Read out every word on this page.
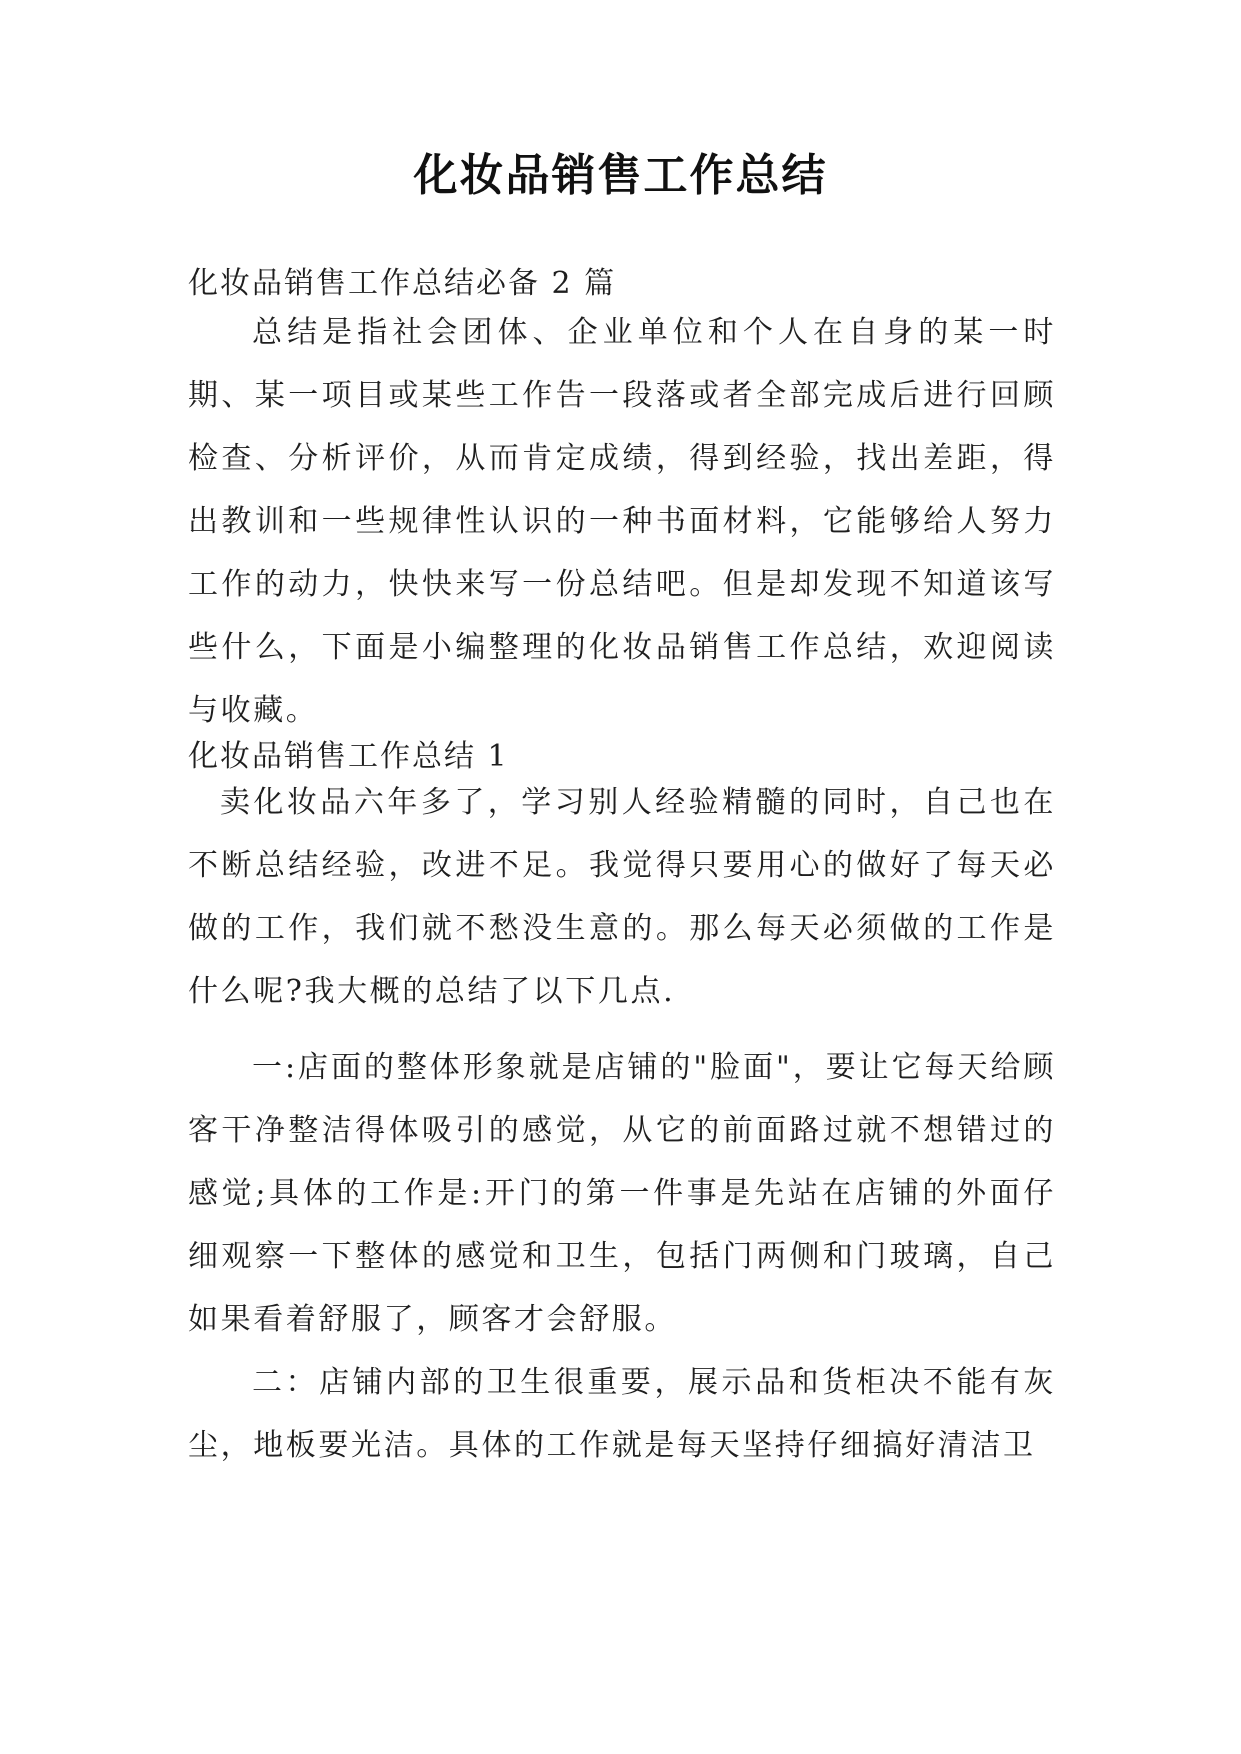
化妆品销售工作总结
化妆品销售工作总结必备 2 篇
总结是指社会团体、企业单位和个人在自身的某一时期、某一项目或某些工作告一段落或者全部完成后进行回顾检查、分析评价，从而肯定成绩，得到经验，找出差距，得出教训和一些规律性认识的一种书面材料，它能够给人努力工作的动力，快快来写一份总结吧。但是却发现不知道该写些什么，下面是小编整理的化妆品销售工作总结，欢迎阅读与收藏。
化妆品销售工作总结 1
卖化妆品六年多了，学习别人经验精髓的同时，自己也在不断总结经验，改进不足。我觉得只要用心的做好了每天必做的工作，我们就不愁没生意的。那么每天必须做的工作是什么呢?我大概的总结了以下几点.
一:店面的整体形象就是店铺的"脸面"，要让它每天给顾客干净整洁得体吸引的感觉，从它的前面路过就不想错过的感觉;具体的工作是:开门的第一件事是先站在店铺的外面仔细观察一下整体的感觉和卫生，包括门两侧和门玻璃，自己如果看着舒服了，顾客才会舒服。
二：店铺内部的卫生很重要，展示品和货柜决不能有灰尘，地板要光洁。具体的工作就是每天坚持仔细搞好清洁卫
